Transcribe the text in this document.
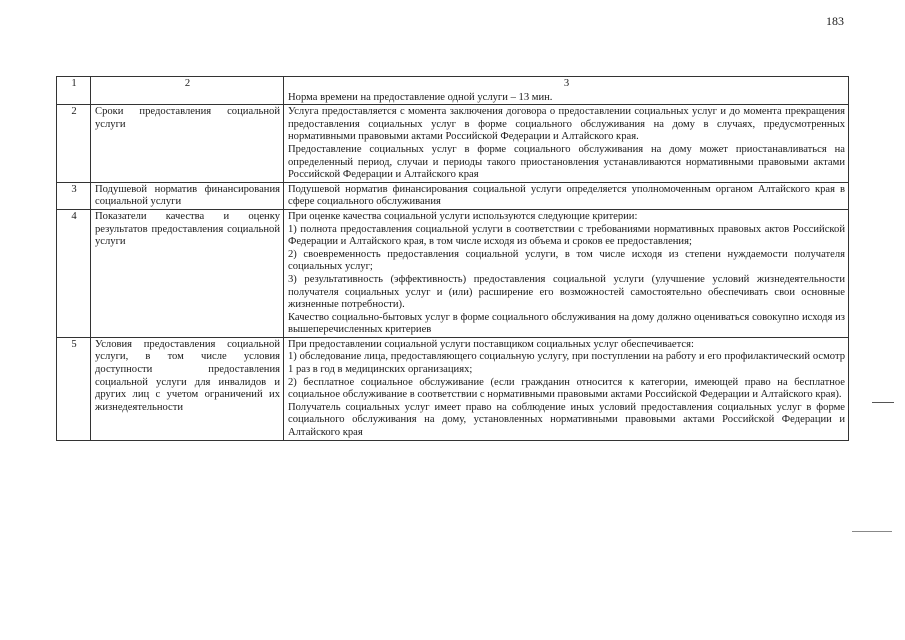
183
1	2	3
		Норма времени на предоставление одной услуги – 13 мин.
2	Сроки предоставления социальной услуги	Услуга предоставляется с момента заключения договора о предоставлении социальных услуг и до момента прекращения предоставления социальных услуг в форме социального обслуживания на дому в случаях, предусмотренных нормативными правовыми актами Российской Федерации и Алтайского края.

Предоставление социальных услуг в форме социального обслуживания на дому может приостанавливаться на определенный период, случаи и периоды такого приостановления устанавливаются нормативными правовыми актами Российской Федерации и Алтайского края

3	Подушевой норматив финансирования социальной услуги	Подушевой норматив финансирования социальной услуги определяется уполномоченным органом Алтайского края в сфере социального обслуживания

4	Показатели качества и оценку результатов предоставления социальной услуги	При оценке качества социальной услуги используются следующие критерии:

1) полнота предоставления социальной услуги в соответствии с требованиями нормативных правовых актов Российской Федерации и Алтайского края, в том числе исходя из объема и сроков ее предоставления;

2) своевременность предоставления социальной услуги, в том числе исходя из степени нуждаемости получателя социальных услуг;

3) результативность (эффективность) предоставления социальной услуги (улучшение условий жизнедеятельности получателя социальных услуг и (или) расширение его возможностей самостоятельно обеспечивать свои основные жизненные потребности).

Качество социально-бытовых услуг в форме социального обслуживания на дому должно оцениваться совокупно исходя из вышеперечисленных критериев

5	Условия предоставления социальной услуги, в том числе условия доступности предоставления социальной услуги для инвалидов и других лиц с учетом ограничений их жизнедеятельности	При предоставлении социальной услуги поставщиком социальных услуг обеспечивается:

1) обследование лица, предоставляющего социальную услугу, при поступлении на работу и его профилактический осмотр 1 раз в год в медицинских организациях;

2) бесплатное социальное обслуживание (если гражданин относится к категории, имеющей право на бесплатное социальное обслуживание в соответствии с нормативными правовыми актами Российской Федерации и Алтайского края).

Получатель социальных услуг имеет право на соблюдение иных условий предоставления социальных услуг в форме социального обслуживания на дому, установленных нормативными правовыми актами Российской Федерации и Алтайского края
